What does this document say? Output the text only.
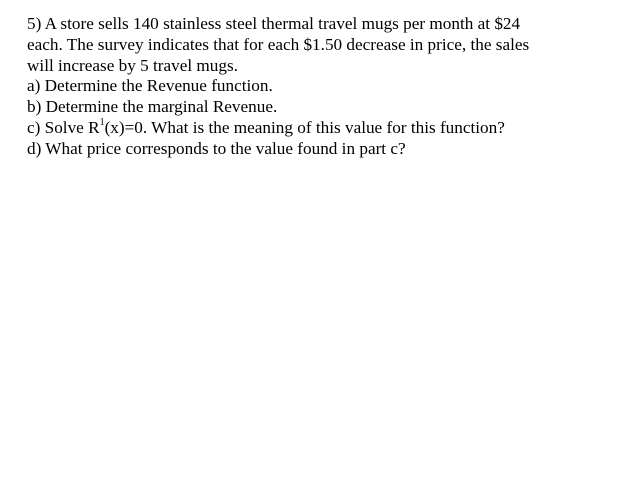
5) A store sells 140 stainless steel thermal travel mugs per month at $24
each. The survey indicates that for each $1.50 decrease in price, the sales
will increase by 5 travel mugs.
a) Determine the Revenue function.
b) Determine the marginal Revenue.
c) Solve $R^1(x)=0$. What is the meaning of this value for this function?
d) What price corresponds to the value found in part c?
